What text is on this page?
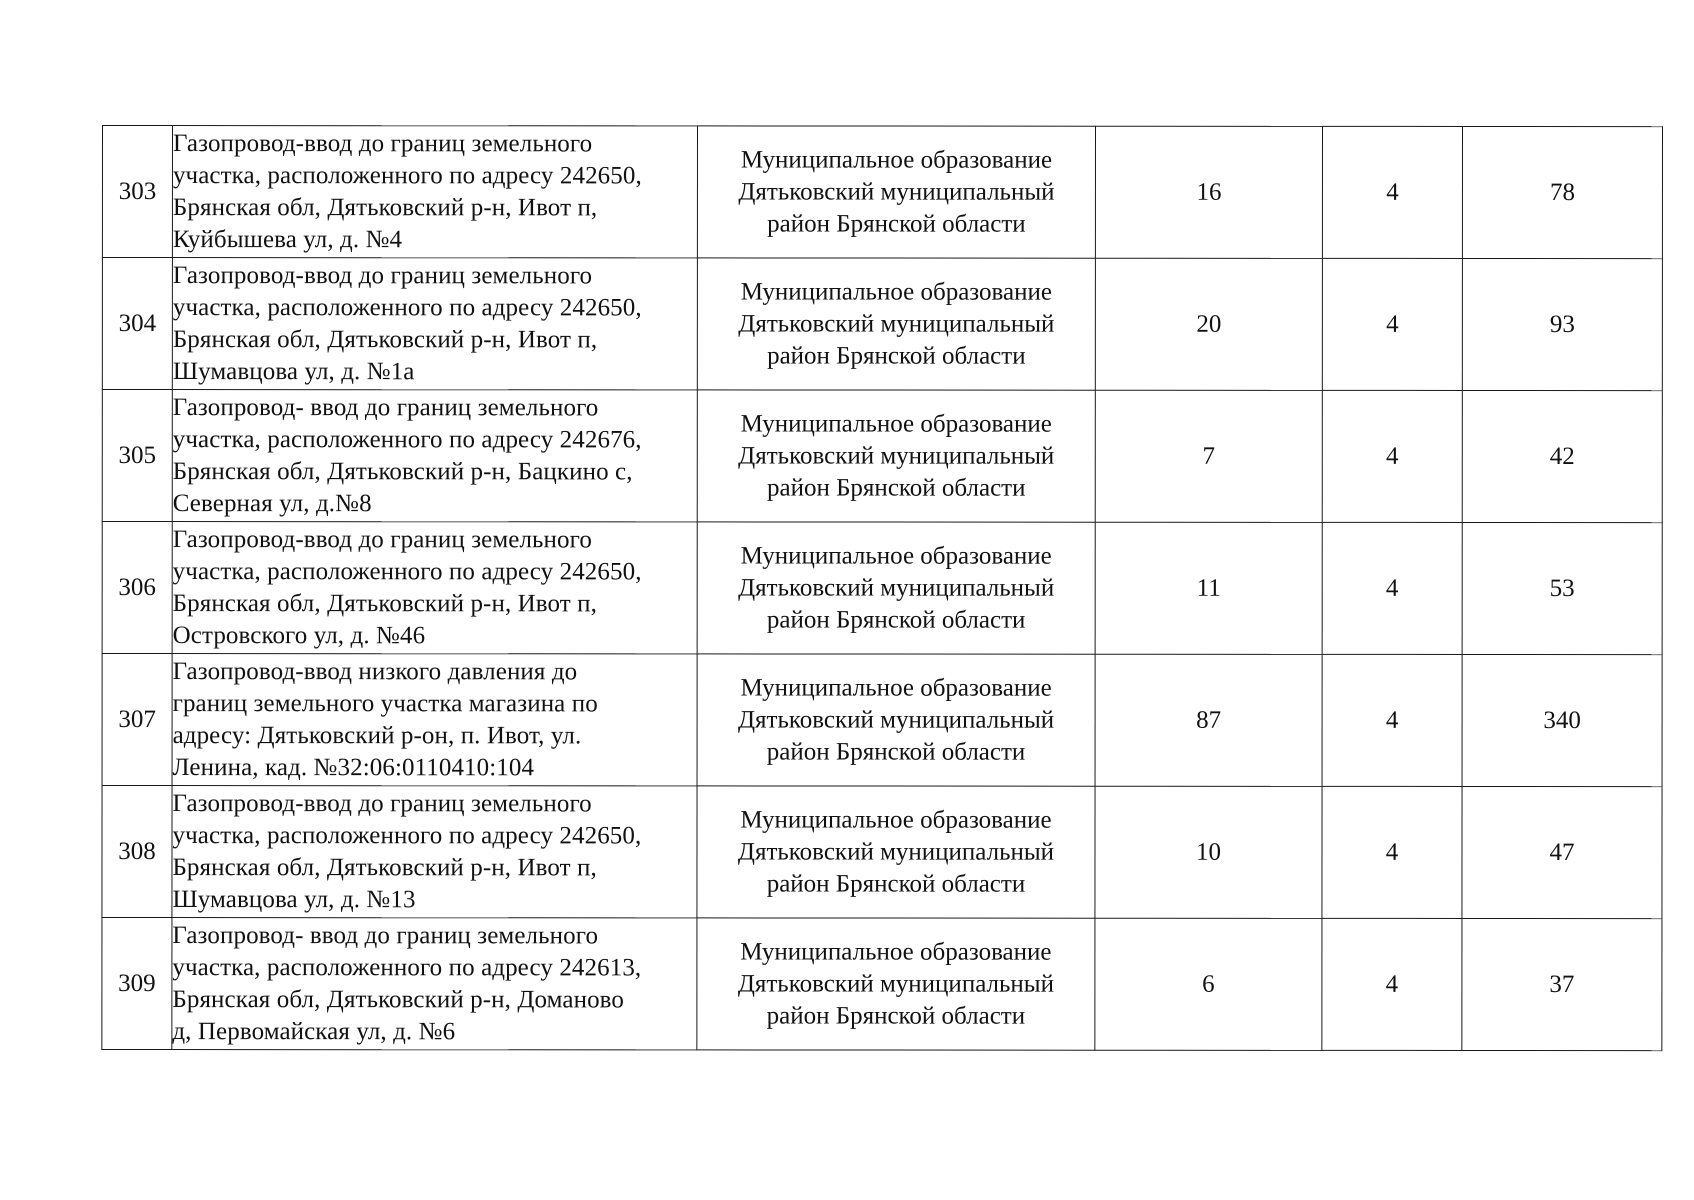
303	Газопровод-ввод до границ земельного
участка, расположенного по адресу 242650,
Брянская обл, Дятьковский р-н, Ивот п,
Куйбышева ул, д. №4	Муниципальное образование
Дятьковский муниципальный
район Брянской области	16	4	78
304	Газопровод-ввод до границ земельного
участка, расположенного по адресу 242650,
Брянская обл, Дятьковский р-н, Ивот п,
Шумавцова ул, д. №1а	Муниципальное образование
Дятьковский муниципальный
район Брянской области	20	4	93
305	Газопровод- ввод до границ земельного
участка, расположенного по адресу 242676,
Брянская обл, Дятьковский р-н, Бацкино с,
Северная ул, д.№8	Муниципальное образование
Дятьковский муниципальный
район Брянской области	7	4	42
306	Газопровод-ввод до границ земельного
участка, расположенного по адресу 242650,
Брянская обл, Дятьковский р-н, Ивот п,
Островского ул, д. №46	Муниципальное образование
Дятьковский муниципальный
район Брянской области	11	4	53
307	Газопровод-ввод низкого давления до
границ земельного участка магазина по
адресу: Дятьковский р-он, п. Ивот, ул.
Ленина, кад. №32:06:0110410:104	Муниципальное образование
Дятьковский муниципальный
район Брянской области	87	4	340
308	Газопровод-ввод до границ земельного
участка, расположенного по адресу 242650,
Брянская обл, Дятьковский р-н, Ивот п,
Шумавцова ул, д. №13	Муниципальное образование
Дятьковский муниципальный
район Брянской области	10	4	47
309	Газопровод- ввод до границ земельного
участка, расположенного по адресу 242613,
Брянская обл, Дятьковский р-н, Доманово
д, Первомайская ул, д. №6	Муниципальное образование
Дятьковский муниципальный
район Брянской области	6	4	37
